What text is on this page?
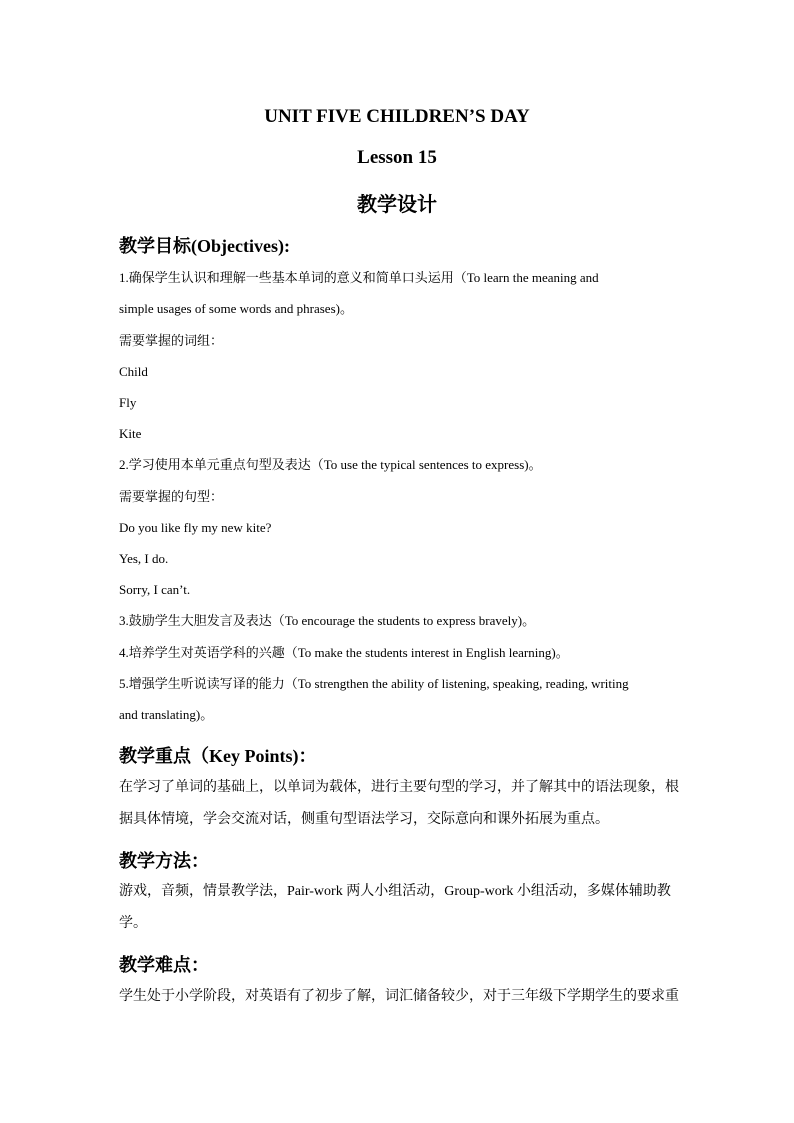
UNIT FIVE CHILDREN’S DAY
Lesson 15
教学设计
教学目标(Objectives):
1.确保学生认识和理解一些基本单词的意义和简单口头运用（To learn the meaning and
simple usages of some words and phrases)。
需要掌握的词组：
Child
Fly
Kite
2.学习使用本单元重点句型及表达（To use the typical sentences to express)。
需要掌握的句型：
Do you like fly my new kite?
Yes, I do.
Sorry, I can’t.
3.鼓励学生大胆发言及表达（To encourage the students to express bravely)。
4.培养学生对英语学科的兴趣（To make the students interest in English learning)。
5.增强学生听说读写译的能力（To strengthen the ability of listening, speaking, reading, writing
and translating)。
教学重点（Key Points)：
在学习了单词的基础上，以单词为载体，进行主要句型的学习，并了解其中的语法现象，根
据具体情境，学会交流对话，侧重句型语法学习，交际意向和课外拓展为重点。
教学方法：
游戏，音频，情景教学法，Pair-work 两人小组活动，Group-work 小组活动，多媒体辅助教
学。
教学难点：
学生处于小学阶段，对英语有了初步了解，词汇储备较少，对于三年级下学期学生的要求重
